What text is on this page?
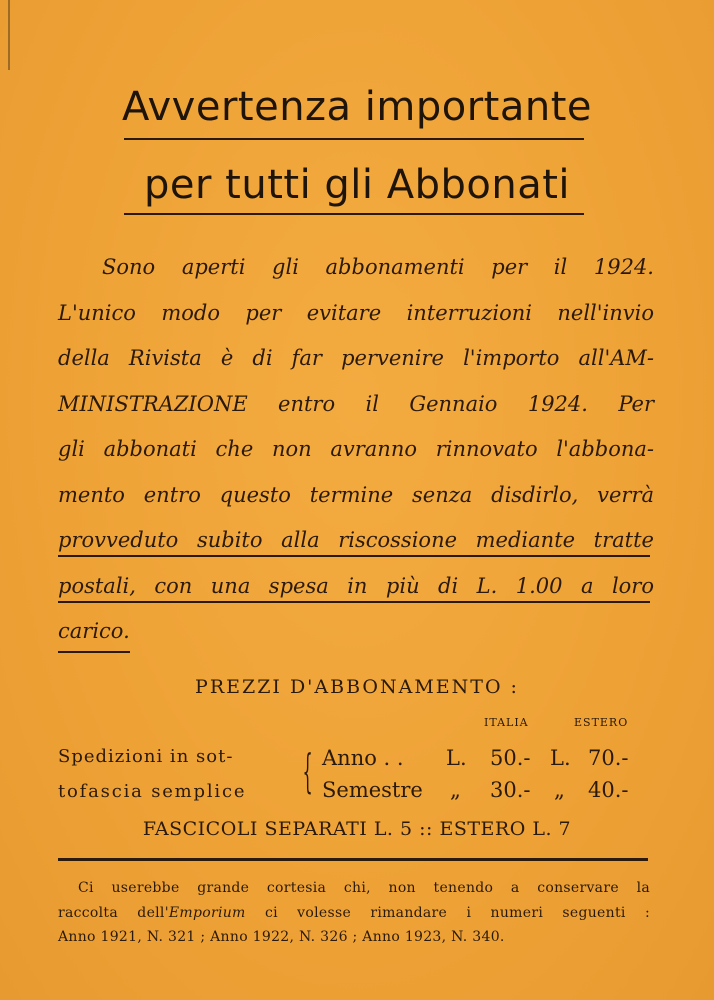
Avvertenza importante
per tutti gli Abbonati

Sono aperti gli abbonamenti per il 1924.
L'unico modo per evitare interruzioni nell'invio
della Rivista è di far pervenire l'importo all'AM-
MINISTRAZIONE entro il Gennaio 1924. Per
gli abbonati che non avranno rinnovato l'abbona-
mento entro questo termine senza disdirlo, verrà
provveduto subito alla riscossione mediante tratte
postali, con una spesa in più di L. 1.00 a loro
carico.

PREZZI D'ABBONAMENTO :
ITALIA	ESTERO
Spedizioni in sot-
tofascia semplice { Anno . . L. 50.- L. 70.-
Semestre „ 30.- „ 40.-
FASCICOLI SEPARATI L. 5 :: ESTERO L. 7

Ci userebbe grande cortesia chi, non tenendo a conservare la
raccolta dell'Emporium ci volesse rimandare i numeri seguenti :
Anno 1921, N. 321 ; Anno 1922, N. 326 ; Anno 1923, N. 340.
